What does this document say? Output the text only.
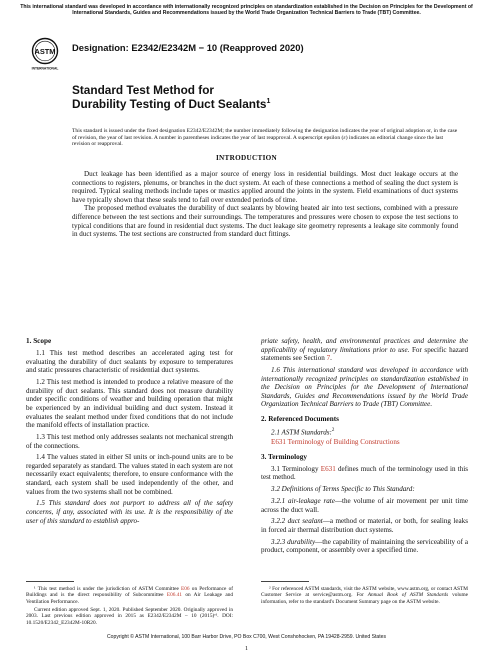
This international standard was developed in accordance with internationally recognized principles on standardization established in the Decision on Principles for the Development of International Standards, Guides and Recommendations issued by the World Trade Organization Technical Barriers to Trade (TBT) Committee.
ASTM
INTERNATIONAL
Designation: E2342/E2342M − 10 (Reapproved 2020)
Standard Test Method for
Durability Testing of Duct Sealants$^1$
This standard is issued under the fixed designation E2342/E2342M; the number immediately following the designation indicates the year of original adoption or, in the case of revision, the year of last revision. A number in parentheses indicates the year of last reapproval. A superscript epsilon (ε) indicates an editorial change since the last revision or reapproval.
INTRODUCTION

Duct leakage has been identified as a major source of energy loss in residential buildings. Most duct leakage occurs at the connections to registers, plenums, or branches in the duct system. At each of these connections a method of sealing the duct system is required. Typical sealing methods include tapes or mastics applied around the joints in the system. Field examinations of duct systems have typically shown that these seals tend to fail over extended periods of time.

The proposed method evaluates the durability of duct sealants by blowing heated air into test sections, combined with a pressure difference between the test sections and their surroundings. The temperatures and pressures were chosen to expose the test sections to typical conditions that are found in residential duct systems. The duct leakage site geometry represents a leakage site commonly found in duct systems. The test sections are constructed from standard duct fittings.

1. Scope

1.1 This test method describes an accelerated aging test for evaluating the durability of duct sealants by exposure to temperatures and static pressures characteristic of residential duct systems.

1.2 This test method is intended to produce a relative measure of the durability of duct sealants. This standard does not measure durability under specific conditions of weather and building operation that might be experienced by an individual building and duct system. Instead it evaluates the sealant method under fixed conditions that do not include the manifold effects of installation practice.

1.3 This test method only addresses sealants not mechanical strength of the connections.

1.4 The values stated in either SI units or inch-pound units are to be regarded separately as standard. The values stated in each system are not necessarily exact equivalents; therefore, to ensure conformance with the standard, each system shall be used independently of the other, and values from the two systems shall not be combined.

1.5 This standard does not purport to address all of the safety concerns, if any, associated with its use. It is the responsibility of the user of this standard to establish appro-

¹ This test method is under the jurisdiction of ASTM Committee E06 on Performance of Buildings and is the direct responsibility of Subcommittee E06.41 on Air Leakage and Ventilation Performance.

Current edition approved Sept. 1, 2020. Published September 2020. Originally approved in 2003. Last previous edition approved in 2015 as E2342/E2342M – 10 (2015)ᵉ¹. DOI: 10.1520/E2342_E2342M-10R20.

priate safety, health, and environmental practices and determine the applicability of regulatory limitations prior to use. For specific hazard statements see Section 7.

1.6 This international standard was developed in accordance with internationally recognized principles on standardization established in the Decision on Principles for the Development of International Standards, Guides and Recommendations issued by the World Trade Organization Technical Barriers to Trade (TBT) Committee.

2. Referenced Documents

2.1 ASTM Standards:$^2$

E631 Terminology of Building Constructions

3. Terminology

3.1 Terminology E631 defines much of the terminology used in this test method.

3.2 Definitions of Terms Specific to This Standard:

3.2.1 air-leakage rate—the volume of air movement per unit time across the duct wall.

3.2.2 duct sealant—a method or material, or both, for sealing leaks in forced air thermal distribution duct systems.

3.2.3 durability—the capability of maintaining the serviceability of a product, component, or assembly over a specified time.

² For referenced ASTM standards, visit the ASTM website, www.astm.org, or contact ASTM Customer Service at service@astm.org. For Annual Book of ASTM Standards volume information, refer to the standard's Document Summary page on the ASTM website.

Copyright © ASTM International, 100 Barr Harbor Drive, PO Box C700, West Conshohocken, PA 19428-2959. United States
1
